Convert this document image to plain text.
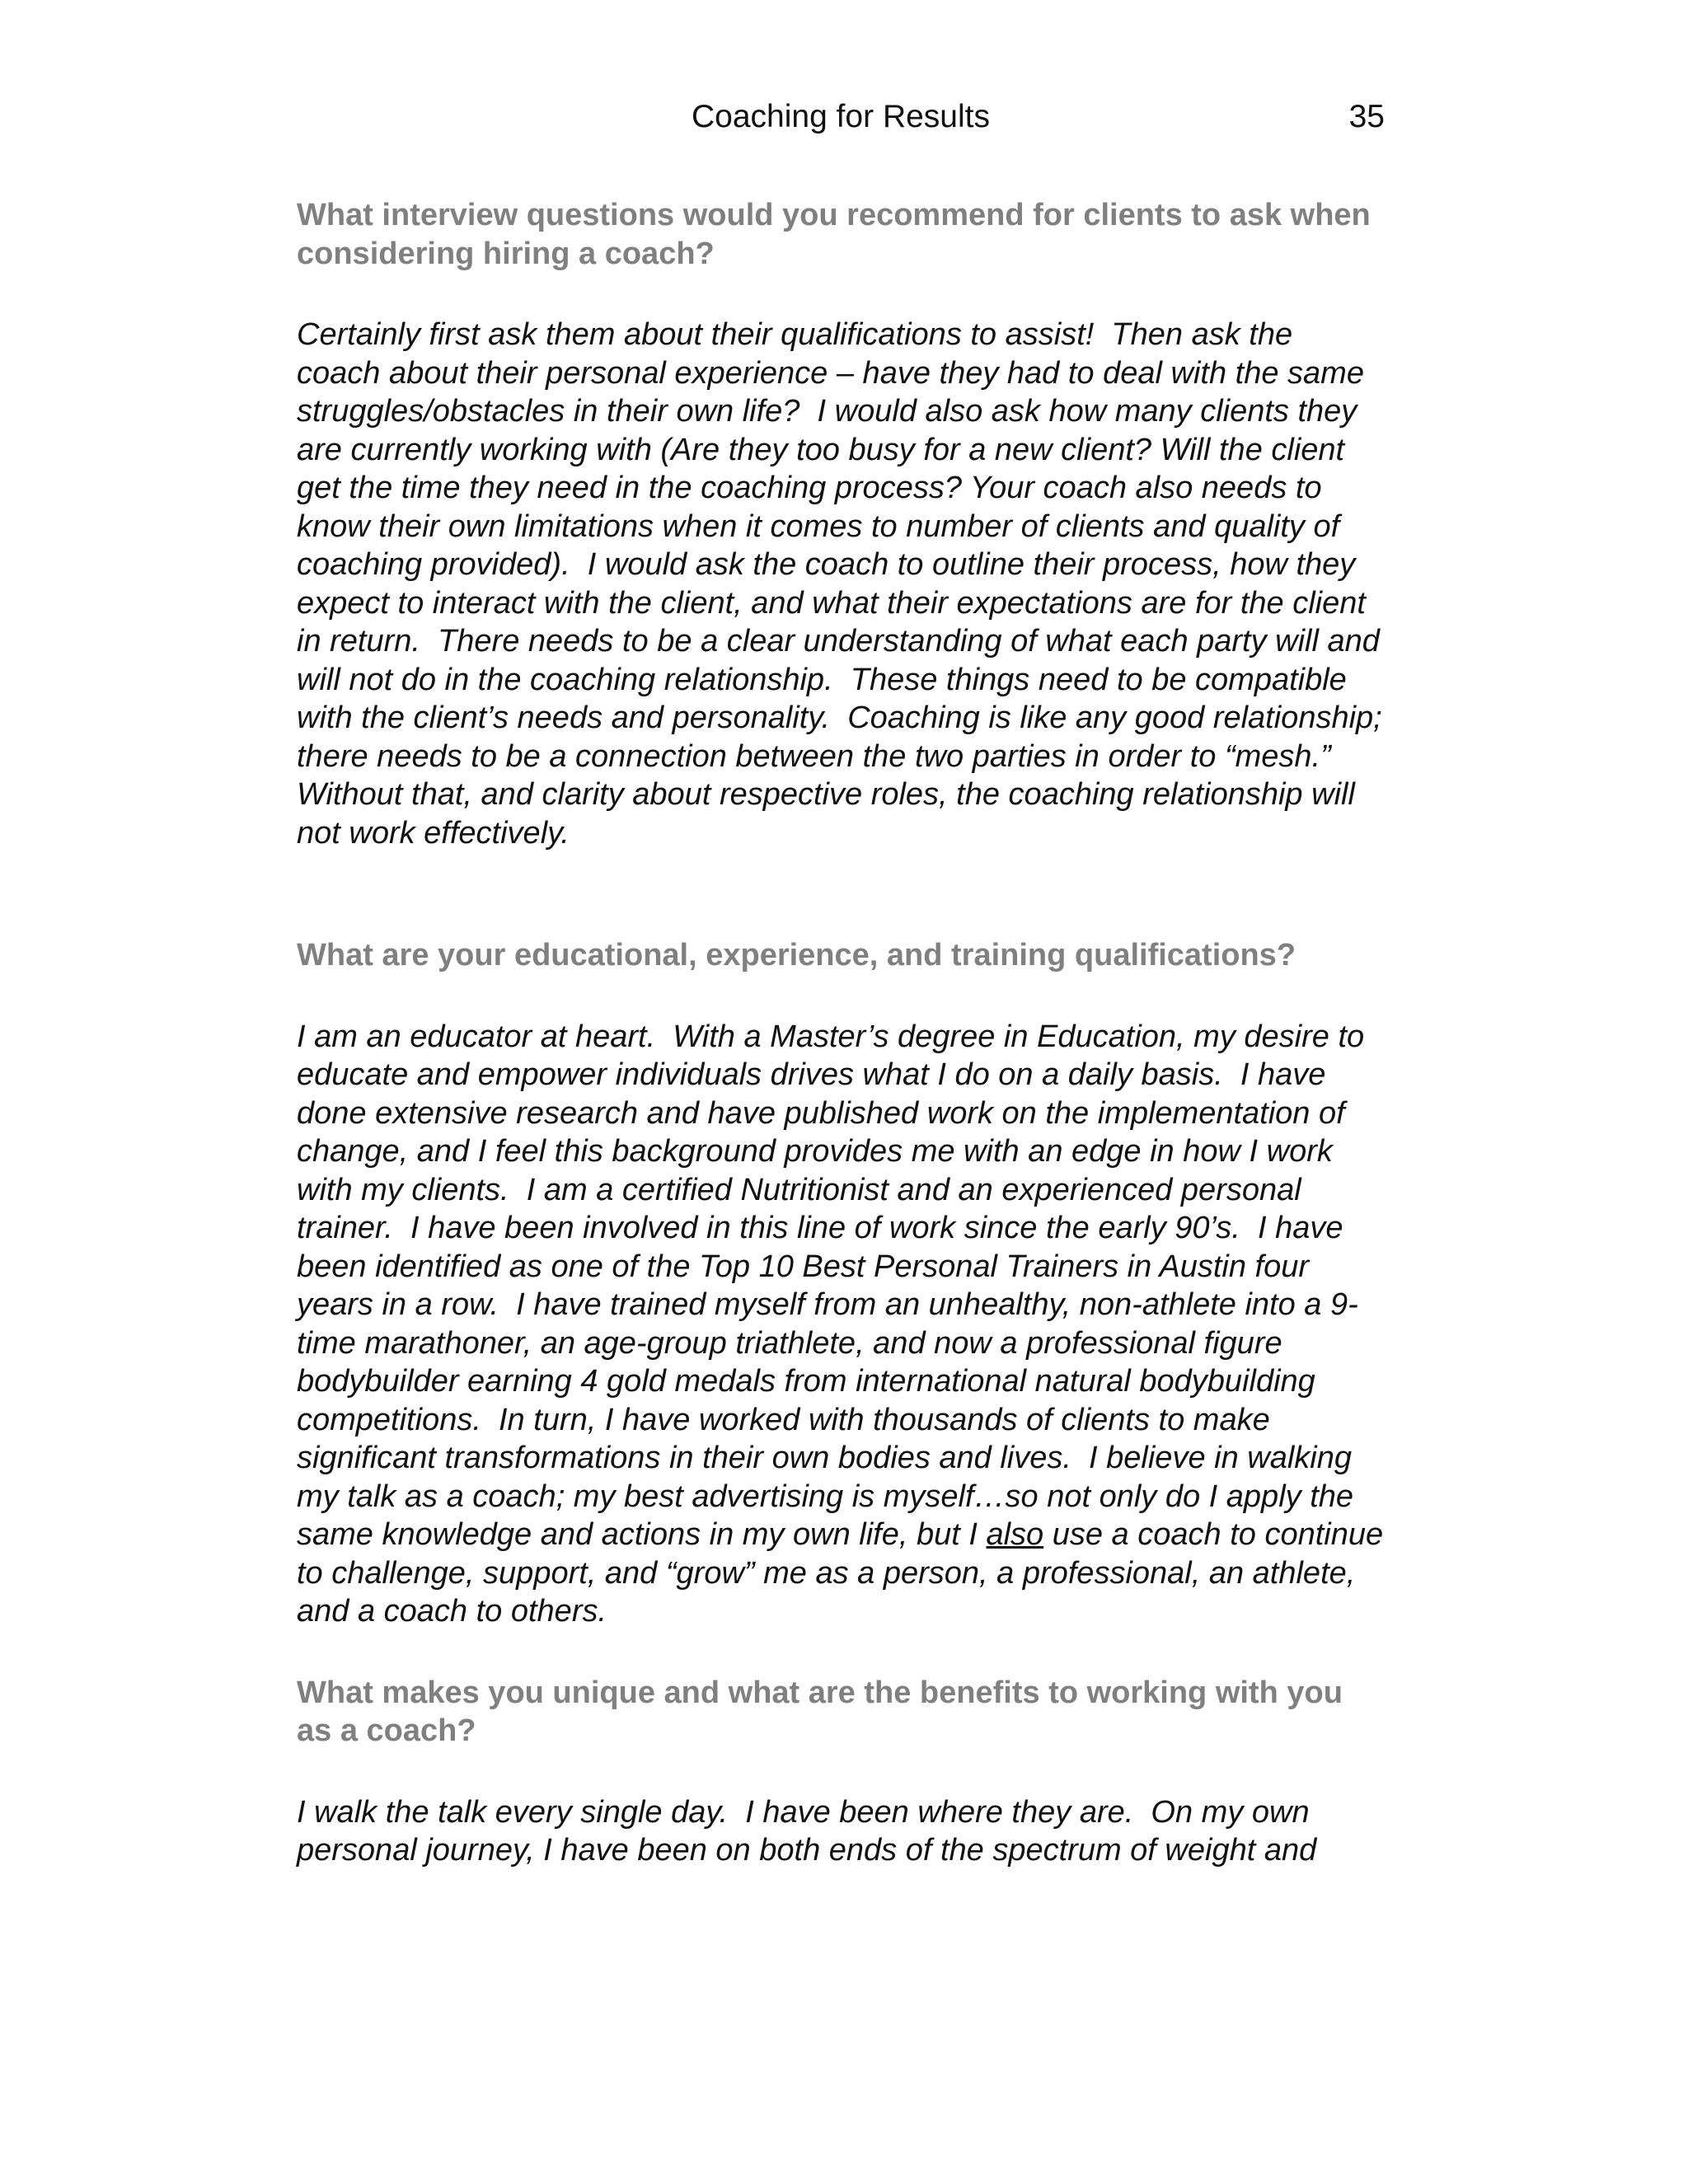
Coaching for Results	35

What interview questions would you recommend for clients to ask when considering hiring a coach?

Certainly first ask them about their qualifications to assist!  Then ask the coach about their personal experience – have they had to deal with the same struggles/obstacles in their own life?  I would also ask how many clients they are currently working with (Are they too busy for a new client? Will the client get the time they need in the coaching process? Your coach also needs to know their own limitations when it comes to number of clients and quality of coaching provided).  I would ask the coach to outline their process, how they expect to interact with the client, and what their expectations are for the client in return.  There needs to be a clear understanding of what each party will and will not do in the coaching relationship.  These things need to be compatible with the client’s needs and personality.  Coaching is like any good relationship; there needs to be a connection between the two parties in order to “mesh.” Without that, and clarity about respective roles, the coaching relationship will not work effectively.

What are your educational, experience, and training qualifications?

I am an educator at heart.  With a Master’s degree in Education, my desire to educate and empower individuals drives what I do on a daily basis.  I have done extensive research and have published work on the implementation of change, and I feel this background provides me with an edge in how I work with my clients.  I am a certified Nutritionist and an experienced personal trainer.  I have been involved in this line of work since the early 90’s.  I have been identified as one of the Top 10 Best Personal Trainers in Austin four years in a row.  I have trained myself from an unhealthy, non-athlete into a 9-time marathoner, an age-group triathlete, and now a professional figure bodybuilder earning 4 gold medals from international natural bodybuilding competitions.  In turn, I have worked with thousands of clients to make significant transformations in their own bodies and lives.  I believe in walking my talk as a coach; my best advertising is myself…so not only do I apply the same knowledge and actions in my own life, but I also use a coach to continue to challenge, support, and “grow” me as a person, a professional, an athlete, and a coach to others.

What makes you unique and what are the benefits to working with you as a coach?

I walk the talk every single day.  I have been where they are.  On my own personal journey, I have been on both ends of the spectrum of weight and
